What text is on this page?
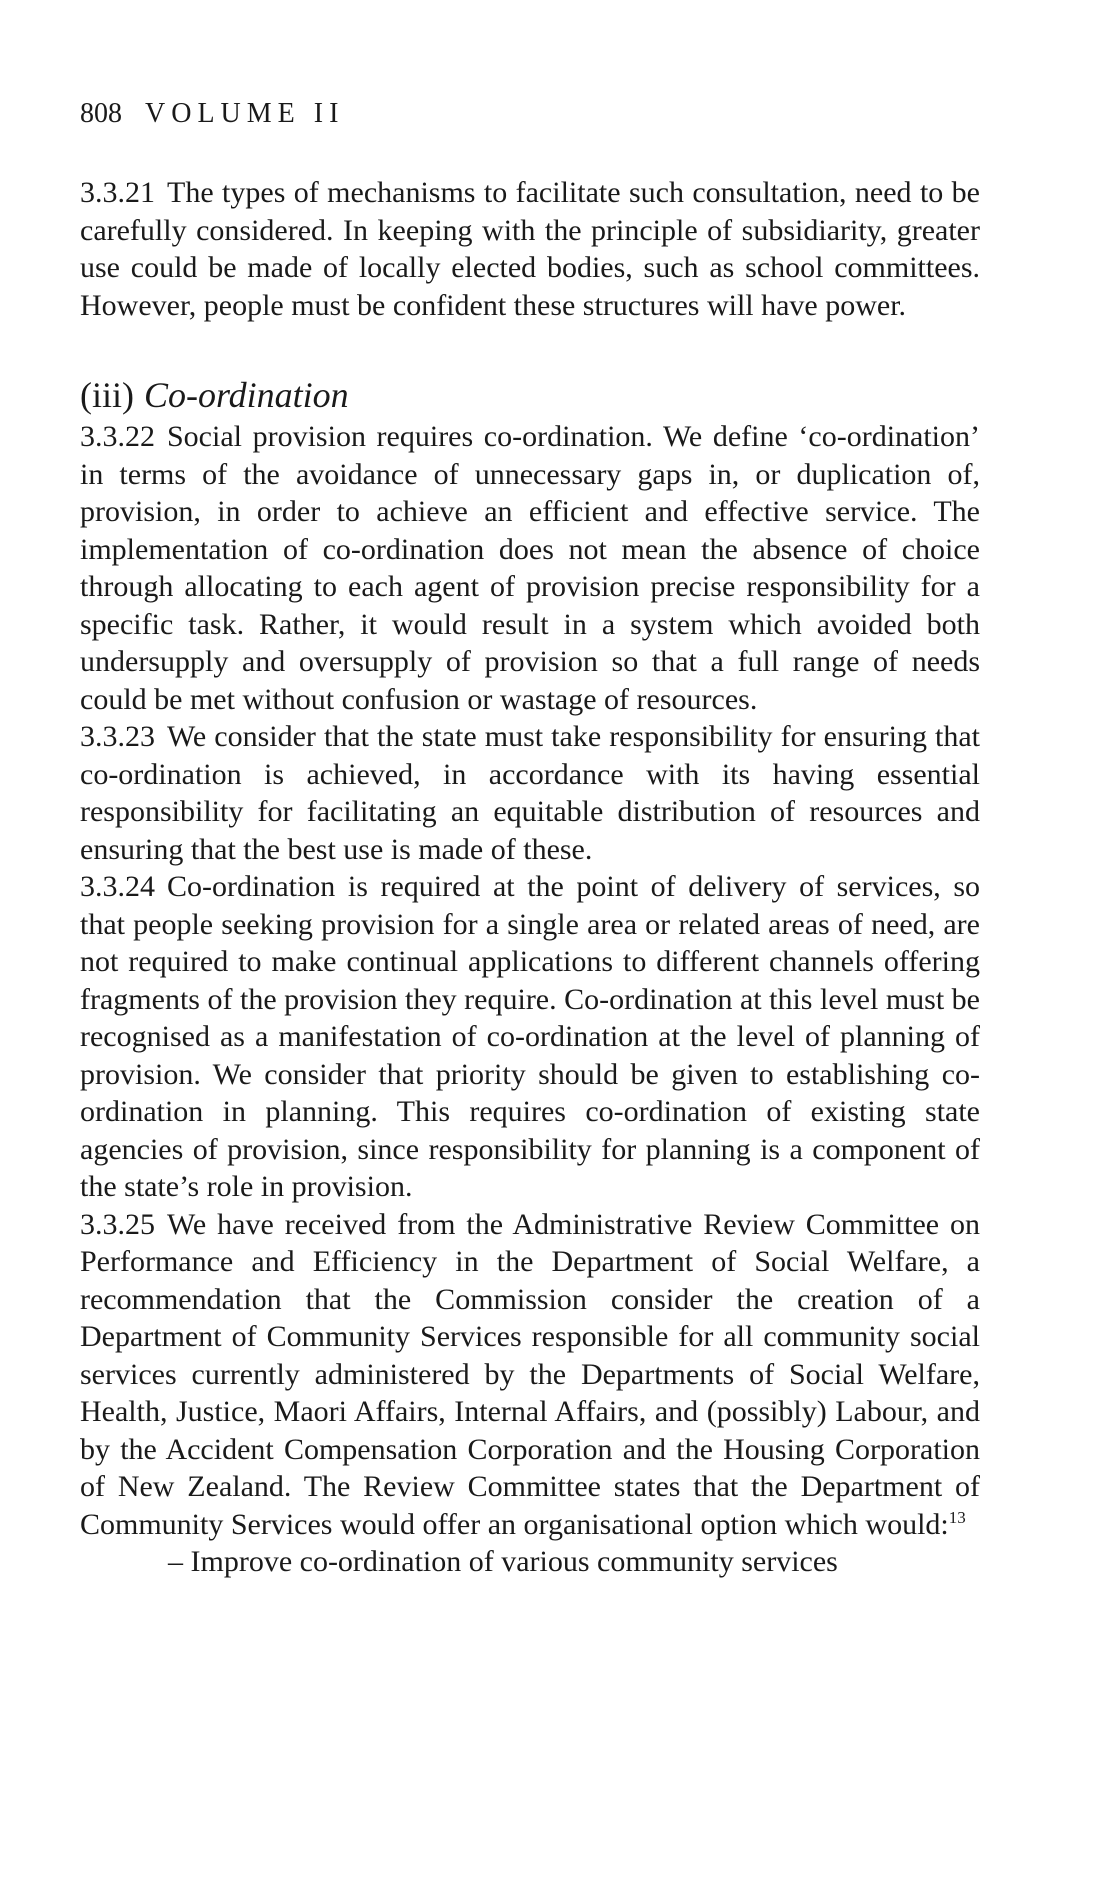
808 VOLUME II

3.3.21 The types of mechanisms to facilitate such consultation, need to be carefully considered. In keeping with the principle of subsidiarity, greater use could be made of locally elected bodies, such as school committees. However, people must be confident these structures will have power.

(iii) Co-ordination

3.3.22 Social provision requires co-ordination. We define ‘co-ordination’ in terms of the avoidance of unnecessary gaps in, or duplication of, provision, in order to achieve an efficient and effective service. The implementation of co-ordination does not mean the absence of choice through allocating to each agent of provision precise responsibility for a specific task. Rather, it would result in a system which avoided both undersupply and oversupply of provision so that a full range of needs could be met without confusion or wastage of resources.

3.3.23 We consider that the state must take responsibility for ensuring that co-ordination is achieved, in accordance with its having essential responsibility for facilitating an equitable distribution of resources and ensuring that the best use is made of these.

3.3.24 Co-ordination is required at the point of delivery of services, so that people seeking provision for a single area or related areas of need, are not required to make continual applications to different channels offering fragments of the provision they require. Co-ordination at this level must be recognised as a manifestation of co-ordination at the level of planning of provision. We consider that priority should be given to establishing co-ordination in planning. This requires co-ordination of existing state agencies of provision, since responsibility for planning is a component of the state’s role in provision.

3.3.25 We have received from the Administrative Review Committee on Performance and Efficiency in the Department of Social Welfare, a recommendation that the Commission consider the creation of a Department of Community Services responsible for all community social services currently administered by the Departments of Social Welfare, Health, Justice, Maori Affairs, Internal Affairs, and (possibly) Labour, and by the Accident Compensation Corporation and the Housing Corporation of New Zealand. The Review Committee states that the Department of Community Services would offer an organisational option which would:$^{13}$

– Improve co-ordination of various community services
